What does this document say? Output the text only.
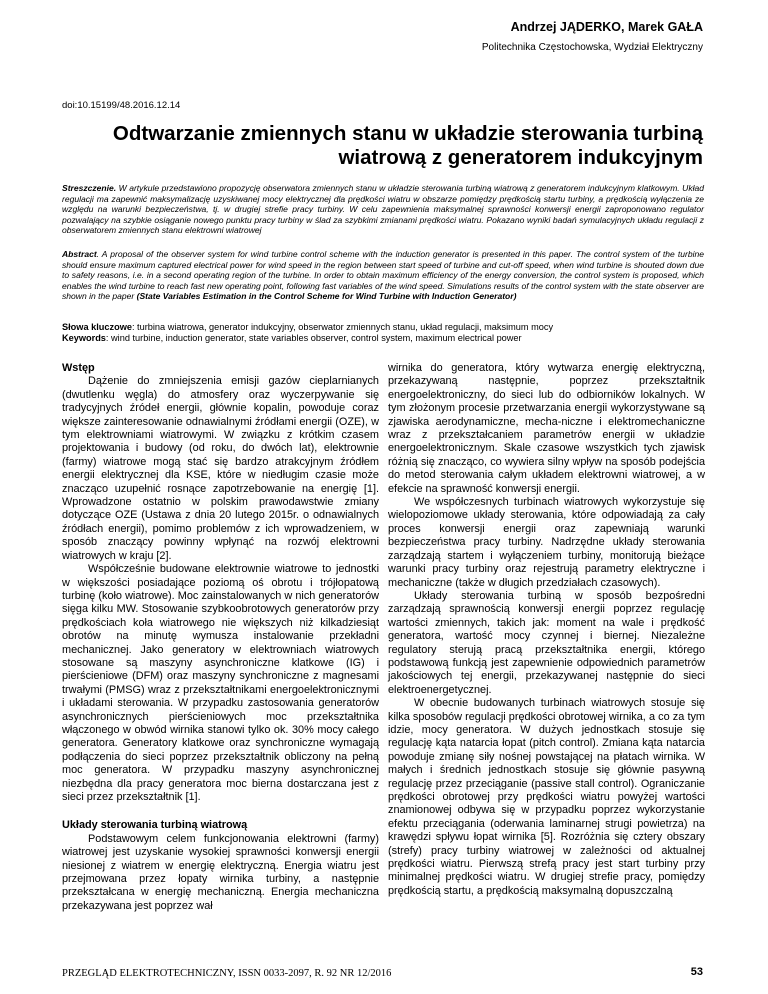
Andrzej JĄDERKO, Marek GAŁA
Politechnika Częstochowska, Wydział Elektryczny
doi:10.15199/48.2016.12.14
Odtwarzanie zmiennych stanu w układzie sterowania turbiną
wiatrową z generatorem indukcyjnym
Streszczenie. W artykule przedstawiono propozycję obserwatora zmiennych stanu w układzie sterowania turbiną wiatrową z generatorem indukcyjnym klatkowym. Układ regulacji ma zapewnić maksymalizację uzyskiwanej mocy elektrycznej dla prędkości wiatru w obszarze pomiędzy prędkością startu turbiny, a prędkością wyłączenia ze względu na warunki bezpieczeństwa, tj. w drugiej strefie pracy turbiny. W celu zapewnienia maksymalnej sprawności konwersji energii zaproponowano regulator pozwalający na szybkie osiąganie nowego punktu pracy turbiny w ślad za szybkimi zmianami prędkości wiatru. Pokazano wyniki badań symulacyjnych układu regulacji z obserwatorem zmiennych stanu elektrowni wiatrowej
Abstract. A proposal of the observer system for wind turbine control scheme with the induction generator is presented in this paper. The control system of the turbine should ensure maximum captured electrical power for wind speed in the region between start speed of turbine and cut-off speed, when wind turbine is shouted down due to safety reasons, i.e. in a second operating region of the turbine. In order to obtain maximum efficiency of the energy conversion, the control system is proposed, which enables the wind turbine to reach fast new operating point, following fast variables of the wind speed. Simulations results of the control system with the state observer are shown in the paper (State Variables Estimation in the Control Scheme for Wind Turbine with Induction Generator)
Słowa kluczowe: turbina wiatrowa, generator indukcyjny, obserwator zmiennych stanu, układ regulacji, maksimum mocy
Keywords: wind turbine, induction generator, state variables observer, control system, maximum electrical power

Wstęp

Dążenie do zmniejszenia emisji gazów cieplarnianych (dwutlenku węgla) do atmosfery oraz wyczerpywanie się tradycyjnych źródeł energii, głównie kopalin, powoduje coraz większe zainteresowanie odnawialnymi źródłami energii (OZE), w tym elektrowniami wiatrowymi. W związku z krótkim czasem projektowania i budowy (od roku, do dwóch lat), elektrownie (farmy) wiatrowe mogą stać się bardzo atrakcyjnym źródłem energii elektrycznej dla KSE, które w niedługim czasie może znacząco uzupełnić rosnące zapotrzebowanie na energię [1]. Wprowadzone ostatnio w polskim prawodawstwie zmiany dotyczące OZE (Ustawa z dnia 20 lutego 2015r. o odnawialnych źródłach energii), pomimo problemów z ich wprowadzeniem, w sposób znaczący powinny wpłynąć na rozwój elektrowni wiatrowych w kraju [2].

Współcześnie budowane elektrownie wiatrowe to jednostki w większości posiadające poziomą oś obrotu i trójłopatową turbinę (koło wiatrowe). Moc zainstalowanych w nich generatorów sięga kilku MW. Stosowanie szybkoobrotowych generatorów przy prędkościach koła wiatrowego nie większych niż kilkadziesiąt obrotów na minutę wymusza instalowanie przekładni mechanicznej. Jako generatory w elektrowniach wiatrowych stosowane są maszyny asynchroniczne klatkowe (IG) i pierścieniowe (DFM) oraz maszyny synchroniczne z magnesami trwałymi (PMSG) wraz z przekształtnikami energoelektronicznymi i układami sterowania. W przypadku zastosowania generatorów asynchronicznych pierścieniowych moc przekształtnika włączonego w obwód wirnika stanowi tylko ok. 30% mocy całego generatora. Generatory klatkowe oraz synchroniczne wymagają podłączenia do sieci poprzez przekształtnik obliczony na pełną moc generatora. W przypadku maszyny asynchronicznej niezbędna dla pracy generatora moc bierna dostarczana jest z sieci przez przekształtnik [1].

Układy sterowania turbiną wiatrową

Podstawowym celem funkcjonowania elektrowni (farmy) wiatrowej jest uzyskanie wysokiej sprawności konwersji energii niesionej z wiatrem w energię elektryczną. Energia wiatru jest przejmowana przez łopaty wirnika turbiny, a następnie przekształcana w energię mechaniczną. Energia mechaniczna przekazywana jest poprzez wał

wirnika do generatora, który wytwarza energię elektryczną, przekazywaną następnie, poprzez przekształtnik energoelektroniczny, do sieci lub do odbiorników lokalnych. W tym złożonym procesie przetwarzania energii wykorzystywane są zjawiska aerodynamiczne, mecha-niczne i elektromechaniczne wraz z przekształcaniem parametrów energii w układzie energoelektronicznym. Skale czasowe wszystkich tych zjawisk różnią się znacząco, co wywiera silny wpływ na sposób podejścia do metod sterowania całym układem elektrowni wiatrowej, a w efekcie na sprawność konwersji energii.

We współczesnych turbinach wiatrowych wykorzystuje się wielopoziomowe układy sterowania, które odpowiadają za cały proces konwersji energii oraz zapewniają warunki bezpieczeństwa pracy turbiny. Nadrzędne układy sterowania zarządzają startem i wyłączeniem turbiny, monitorują bieżące warunki pracy turbiny oraz rejestrują parametry elektryczne i mechaniczne (także w długich przedziałach czasowych).

Układy sterowania turbiną w sposób bezpośredni zarządzają sprawnością konwersji energii poprzez regulację wartości zmiennych, takich jak: moment na wale i prędkość generatora, wartość mocy czynnej i biernej. Niezależne regulatory sterują pracą przekształtnika energii, którego podstawową funkcją jest zapewnienie odpowiednich parametrów jakościowych tej energii, przekazywanej następnie do sieci elektroenergetycznej.

W obecnie budowanych turbinach wiatrowych stosuje się kilka sposobów regulacji prędkości obrotowej wirnika, a co za tym idzie, mocy generatora. W dużych jednostkach stosuje się regulację kąta natarcia łopat (pitch control). Zmiana kąta natarcia powoduje zmianę siły nośnej powstającej na płatach wirnika. W małych i średnich jednostkach stosuje się głównie pasywną regulację przez przeciąganie (passive stall control). Ograniczanie prędkości obrotowej przy prędkości wiatru powyżej wartości znamionowej odbywa się w przypadku poprzez wykorzystanie efektu przeciągania (oderwania laminarnej strugi powietrza) na krawędzi spływu łopat wirnika [5]. Rozróżnia się cztery obszary (strefy) pracy turbiny wiatrowej w zależności od aktualnej prędkości wiatru. Pierwszą strefą pracy jest start turbiny przy minimalnej prędkości wiatru. W drugiej strefie pracy, pomiędzy prędkością startu, a prędkością maksymalną dopuszczalną

PRZEGLĄD ELEKTROTECHNICZNY, ISSN 0033-2097, R. 92 NR 12/2016	53
